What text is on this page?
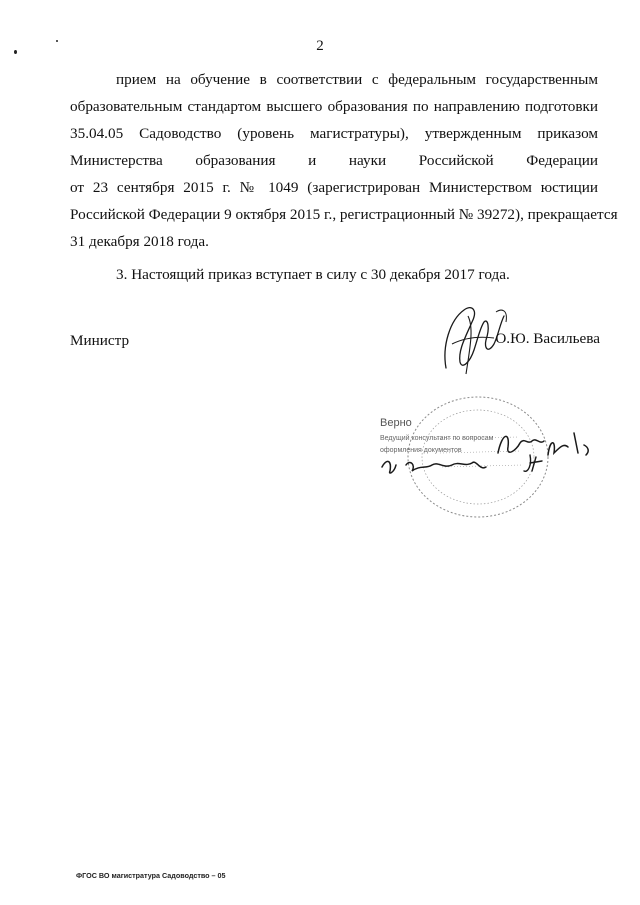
2
прием на обучение в соответствии с федеральным государственным
образовательным стандартом высшего образования по направлению подготовки
35.04.05 Садоводство (уровень магистратуры), утвержденным приказом
Министерства образования и науки Российской Федерации
от 23 сентября 2015 г. № 1049 (зарегистрирован Министерством юстиции
Российской Федерации 9 октября 2015 г., регистрационный № 39272), прекращается
31 декабря 2018 года.
3. Настоящий приказ вступает в силу с 30 декабря 2017 года.
Министр	О.Ю. Васильева
Верно
Ведущий консультант по вопросам
оформления документов
ФГОС ВО магистратура Садоводство – 05
